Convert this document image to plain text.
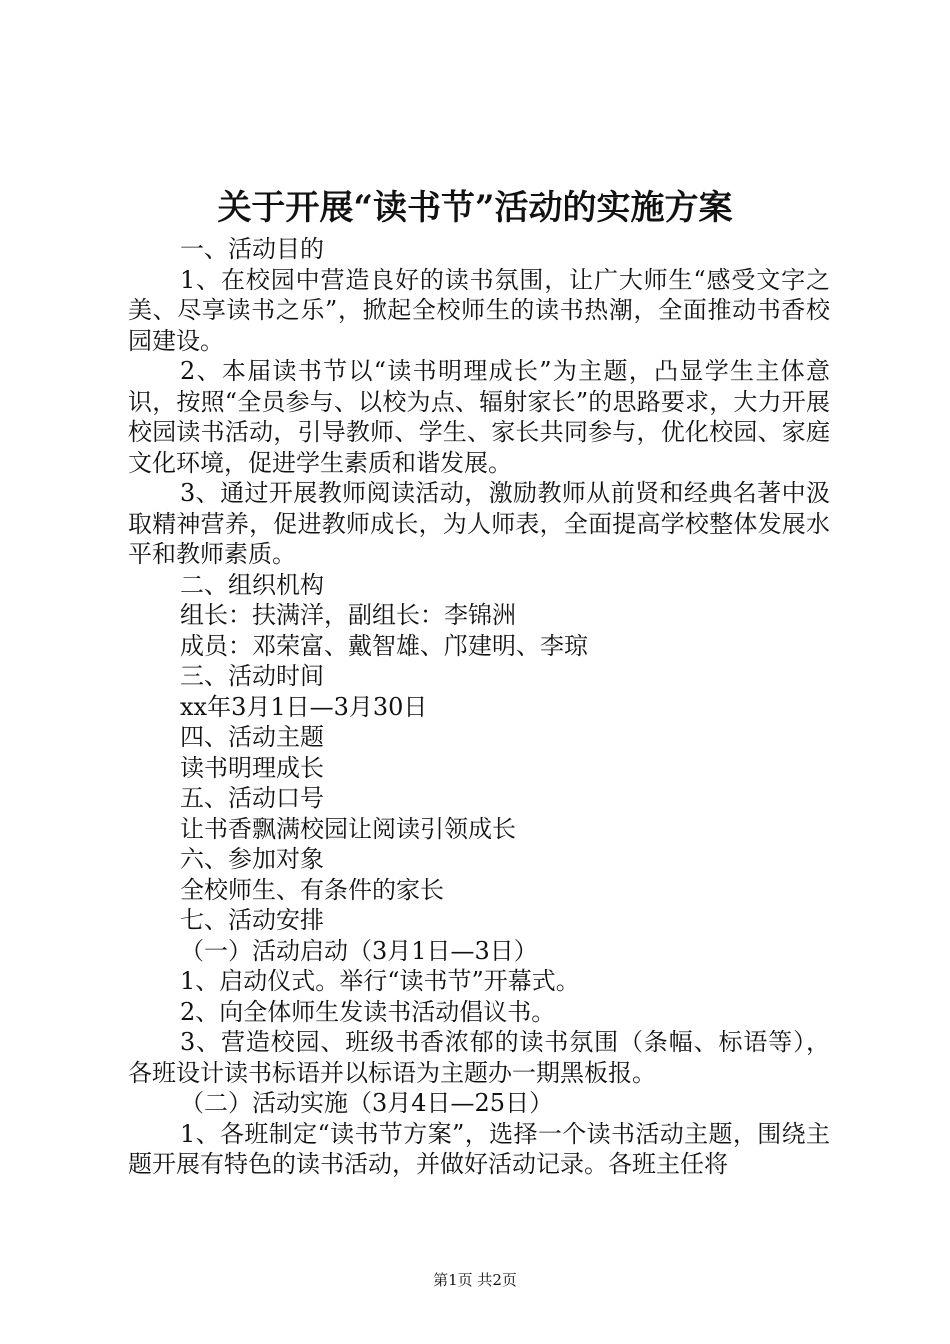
关于开展“读书节”活动的实施方案

一、活动目的

1、在校园中营造良好的读书氛围，让广大师生“感受文字之美、尽享读书之乐”，掀起全校师生的读书热潮，全面推动书香校园建设。

2、本届读书节以“读书明理成长”为主题，凸显学生主体意识，按照“全员参与、以校为点、辐射家长”的思路要求，大力开展校园读书活动，引导教师、学生、家长共同参与，优化校园、家庭文化环境，促进学生素质和谐发展。

3、通过开展教师阅读活动，激励教师从前贤和经典名著中汲取精神营养，促进教师成长，为人师表，全面提高学校整体发展水平和教师素质。

二、组织机构

组长：扶满洋，副组长：李锦洲

成员：邓荣富、戴智雄、邝建明、李琼

三、活动时间

xx年3月1日—3月30日

四、活动主题

读书明理成长

五、活动口号

让书香飘满校园让阅读引领成长

六、参加对象

全校师生、有条件的家长

七、活动安排

（一）活动启动（3月1日—3日）

1、启动仪式。举行“读书节”开幕式。

2、向全体师生发读书活动倡议书。

3、营造校园、班级书香浓郁的读书氛围（条幅、标语等），各班设计读书标语并以标语为主题办一期黑板报。

（二）活动实施（3月4日—25日）

1、各班制定“读书节方案”，选择一个读书活动主题，围绕主题开展有特色的读书活动，并做好活动记录。各班主任将

第1页 共2页
